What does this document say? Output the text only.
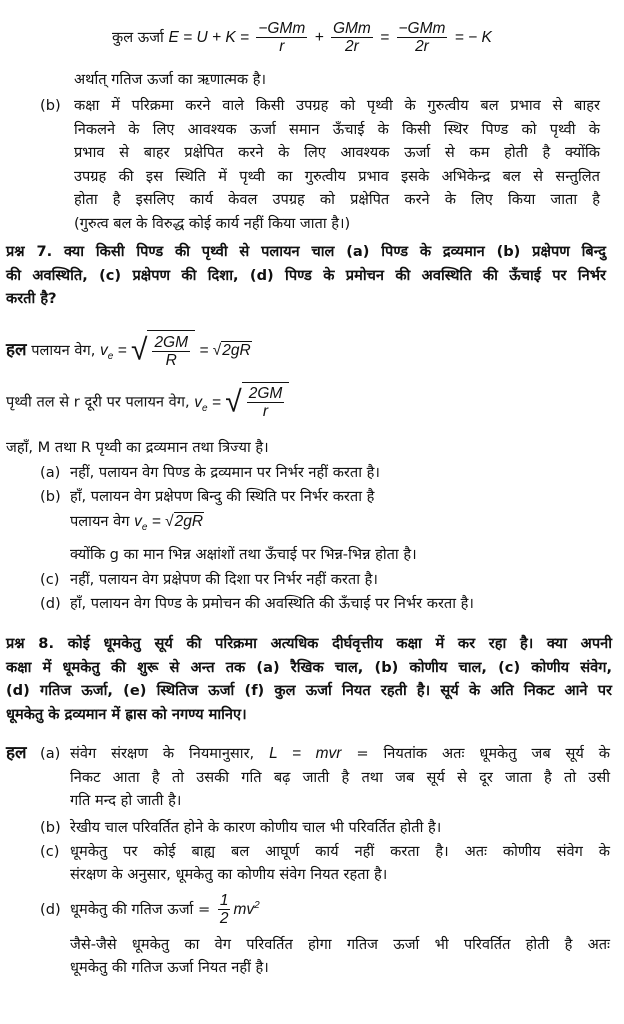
कुल ऊर्जा $E = U + K = \frac{\text{−GMm}}{r} + \frac{\text{GMm}}{2r} = \frac{\text{−GMm}}{2r}$ = − K
अर्थात् गतिज ऊर्जा का ऋणात्मक है।
(b) कक्षा में परिक्रमा करने वाले किसी उपग्रह को पृथ्वी के गुरुत्वीय बल प्रभाव से बाहर
निकलने के लिए आवश्यक ऊर्जा समान ऊँचाई के किसी स्थिर पिण्ड को पृथ्वी के
प्रभाव से बाहर प्रक्षेपित करने के लिए आवश्यक ऊर्जा से कम होती है क्योंकि
उपग्रह की इस स्थिति में पृथ्वी का गुरुत्वीय प्रभाव इसके अभिकेन्द्र बल से सन्तुलित
होता है इसलिए कार्य केवल उपग्रह को प्रक्षेपित करने के लिए किया जाता है
(गुरुत्व बल के विरुद्ध कोई कार्य नहीं किया जाता है।)
प्रश्न 7. क्या किसी पिण्ड की पृथ्वी से पलायन चाल (a) पिण्ड के द्रव्यमान (b) प्रक्षेपण बिन्दु
की अवस्थिति, (c) प्रक्षेपण की दिशा, (d) पिण्ड के प्रमोचन की अवस्थिति की ऊँचाई पर निर्भर
करती है?
हल पलायन वेग, $v_e$ = √ $\frac{2GM}{R} = √2gR$
पृथ्वी तल से r दूरी पर पलायन वेग, $v_e$ = √ $\frac{2GM}{r}$
जहाँ, M तथा R पृथ्वी का द्रव्यमान तथा त्रिज्या है।
(a) नहीं, पलायन वेग पिण्ड के द्रव्यमान पर निर्भर नहीं करता है।
(b) हाँ, पलायन वेग प्रक्षेपण बिन्दु की स्थिति पर निर्भर करता है
पलायन वेग $v_e = √2gR$
क्योंकि g का मान भिन्न अक्षांशों तथा ऊँचाई पर भिन्न-भिन्न होता है।
(c) नहीं, पलायन वेग प्रक्षेपण की दिशा पर निर्भर नहीं करता है।
(d) हाँ, पलायन वेग पिण्ड के प्रमोचन की अवस्थिति की ऊँचाई पर निर्भर करता है।
प्रश्न 8. कोई धूमकेतु सूर्य की परिक्रमा अत्यधिक दीर्घवृत्तीय कक्षा में कर रहा है। क्या अपनी
कक्षा में धूमकेतु की शुरू से अन्त तक (a) रैखिक चाल, (b) कोणीय चाल, (c) कोणीय संवेग,
(d) गतिज ऊर्जा, (e) स्थितिज ऊर्जा (f) कुल ऊर्जा नियत रहती है। सूर्य के अति निकट आने पर
धूमकेतु के द्रव्यमान में ह्रास को नगण्य मानिए।
हल (a) संवेग संरक्षण के नियमानुसार, L = mvr = नियतांक अतः धूमकेतु जब सूर्य के
निकट आता है तो उसकी गति बढ़ जाती है तथा जब सूर्य से दूर जाता है तो उसी
गति मन्द हो जाती है।
(b) रेखीय चाल परिवर्तित होने के कारण कोणीय चाल भी परिवर्तित होती है।
(c) धूमकेतु पर कोई बाह्य बल आघूर्ण कार्य नहीं करता है। अतः कोणीय संवेग के
संरक्षण के अनुसार, धूमकेतु का कोणीय संवेग नियत रहता है।
(d) धूमकेतु की गतिज ऊर्जा = $\frac{1}{2} mv^2$
जैसे-जैसे धूमकेतु का वेग परिवर्तित होगा गतिज ऊर्जा भी परिवर्तित होती है अतः
धूमकेतु की गतिज ऊर्जा नियत नहीं है।
